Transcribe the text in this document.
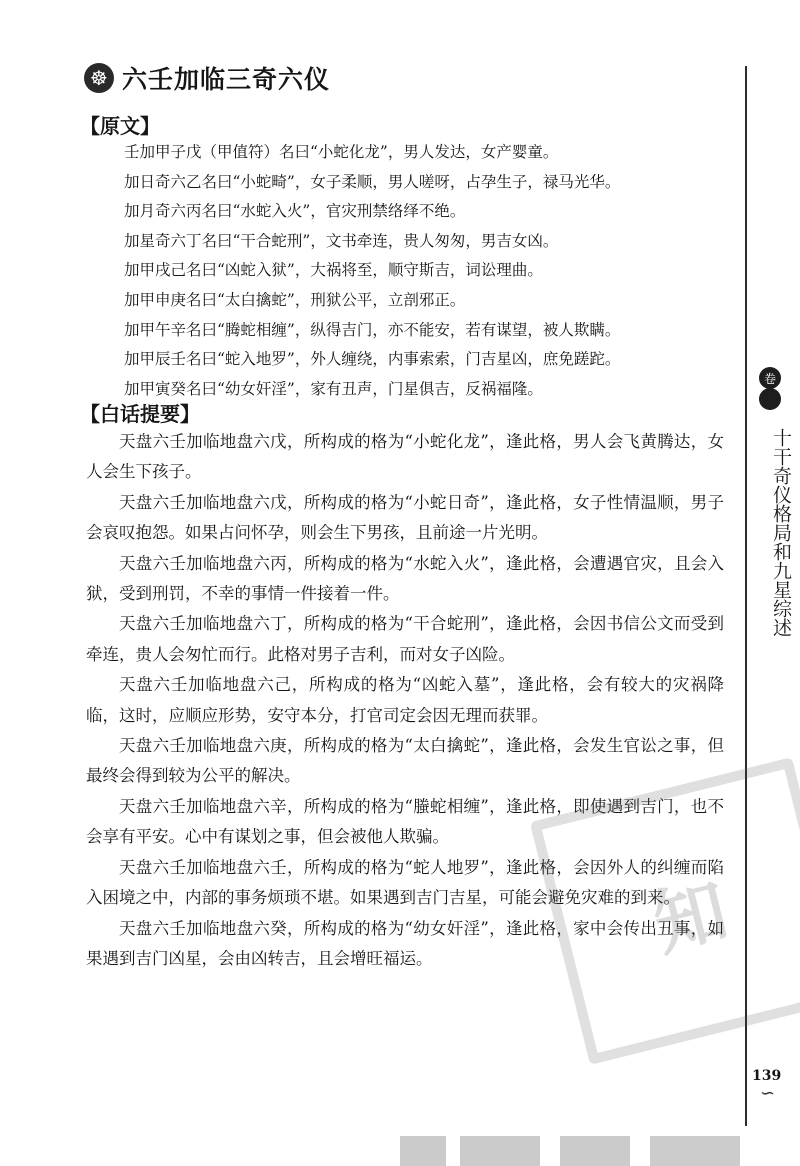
☸ 六壬加临三奇六仪
【原文】

壬加甲子戊（甲值符）名曰“小蛇化龙”，男人发达，女产婴童。

加日奇六乙名曰“小蛇畸”，女子柔顺，男人嗟呀，占孕生子，禄马光华。

加月奇六丙名曰“水蛇入火”，官灾刑禁络绎不绝。

加星奇六丁名曰“干合蛇刑”，文书牵连，贵人匆匆，男吉女凶。

加甲戌己名曰“凶蛇入狱”，大祸将至，顺守斯吉，词讼理曲。

加甲申庚名曰“太白擒蛇”，刑狱公平，立剖邪正。

加甲午辛名曰“腾蛇相缠”，纵得吉门，亦不能安，若有谋望，被人欺瞒。

加甲辰壬名曰“蛇入地罗”，外人缠绕，内事索索，门吉星凶，庶免蹉跎。

加甲寅癸名曰“幼女奸淫”，家有丑声，门星俱吉，反祸福隆。

【白话提要】

天盘六壬加临地盘六戊，所构成的格为“小蛇化龙”，逢此格，男人会飞黄腾达，女人会生下孩子。

天盘六壬加临地盘六戊，所构成的格为“小蛇日奇”，逢此格，女子性情温顺，男子会哀叹抱怨。如果占问怀孕，则会生下男孩，且前途一片光明。

天盘六壬加临地盘六丙，所构成的格为“水蛇入火”，逢此格，会遭遇官灾，且会入狱，受到刑罚，不幸的事情一件接着一件。

天盘六壬加临地盘六丁，所构成的格为“干合蛇刑”，逢此格，会因书信公文而受到牵连，贵人会匆忙而行。此格对男子吉利，而对女子凶险。

天盘六壬加临地盘六己，所构成的格为“凶蛇入墓”，逢此格，会有较大的灾祸降临，这时，应顺应形势，安守本分，打官司定会因无理而获罪。

天盘六壬加临地盘六庚，所构成的格为“太白擒蛇”，逢此格，会发生官讼之事，但最终会得到较为公平的解决。

天盘六壬加临地盘六辛，所构成的格为“螣蛇相缠”，逢此格，即使遇到吉门，也不会享有平安。心中有谋划之事，但会被他人欺骗。

天盘六壬加临地盘六壬，所构成的格为“蛇人地罗”，逢此格，会因外人的纠缠而陷入困境之中，内部的事务烦琐不堪。如果遇到吉门吉星，可能会避免灾难的到来。

天盘六壬加临地盘六癸，所构成的格为“幼女奸淫”，逢此格，家中会传出丑事，如果遇到吉门凶星，会由凶转吉，且会增旺福运。

卷
十干奇仪格局和九星综述
知
139
∽
